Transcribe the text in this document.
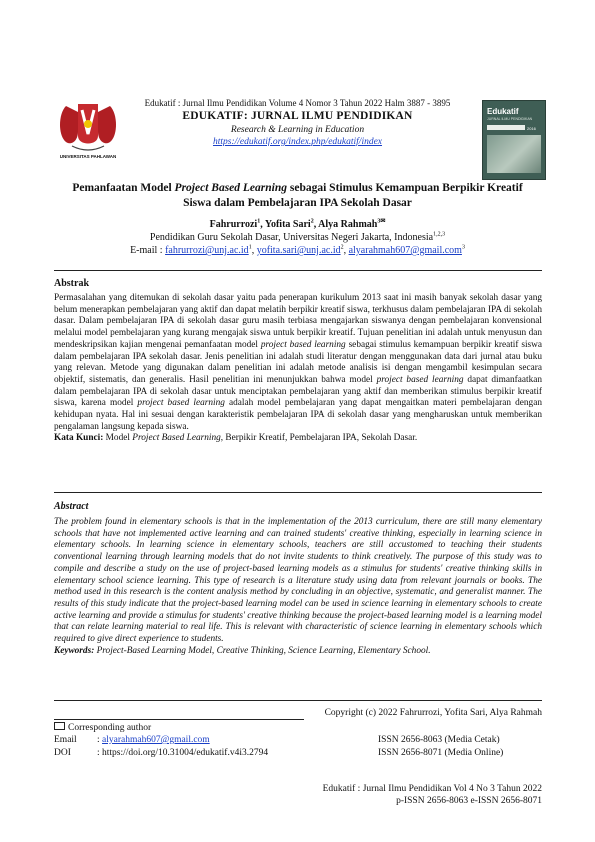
UNIVERSITAS PAHLAWAN
Edukatif
JURNAL ILMU PENDIDIKAN
2016
Edukatif : Jurnal Ilmu Pendidikan Volume 4 Nomor 3 Tahun 2022 Halm 3887 - 3895
EDUKATIF: JURNAL ILMU PENDIDIKAN
Research & Learning in Education
https://edukatif.org/index.php/edukatif/index
Pemanfaatan Model Project Based Learning sebagai Stimulus Kemampuan Berpikir Kreatif
Siswa dalam Pembelajaran IPA Sekolah Dasar
Fahrurrozi$^1$, Yofita Sari$^2$, Alya Rahmah$^{3✉}$
Pendidikan Guru Sekolah Dasar, Universitas Negeri Jakarta, Indonesia$^{1,2,3}$
E-mail : $fahrurrozi@unj.ac.id^1$, $yofita.sari@unj.ac.id^2$, alyarahmah607@gmail.com$^3$
Abstrak

Permasalahan yang ditemukan di sekolah dasar yaitu pada penerapan kurikulum 2013 saat ini masih banyak sekolah dasar yang belum menerapkan pembelajaran yang aktif dan dapat melatih berpikir kreatif siswa, terkhusus dalam pembelajaran IPA di sekolah dasar. Dalam pembelajaran IPA di sekolah dasar guru masih terbiasa mengajarkan siswanya dengan pembelajaran konvensional melalui model pembelajaran yang kurang mengajak siswa untuk berpikir kreatif. Tujuan penelitian ini adalah untuk menyusun dan mendeskripsikan kajian mengenai pemanfaatan model project based learning sebagai stimulus kemampuan berpikir kreatif siswa dalam pembelajaran IPA sekolah dasar. Jenis penelitian ini adalah studi literatur dengan menggunakan data dari jurnal atau buku yang relevan. Metode yang digunakan dalam penelitian ini adalah metode analisis isi dengan mengambil kesimpulan secara objektif, sistematis, dan generalis. Hasil penelitian ini menunjukkan bahwa model project based learning dapat dimanfaatkan dalam pembelajaran IPA di sekolah dasar untuk menciptakan pembelajaran yang aktif dan memberikan stimulus berpikir kreatif siswa, karena model project based learning adalah model pembelajaran yang dapat mengaitkan materi pembelajaran dengan kehidupan nyata. Hal ini sesuai dengan karakteristik pembelajaran IPA di sekolah dasar yang mengharuskan untuk memberikan pengalaman langsung kepada siswa.

Kata Kunci: Model Project Based Learning, Berpikir Kreatif, Pembelajaran IPA, Sekolah Dasar.

Abstract

The problem found in elementary schools is that in the implementation of the 2013 curriculum, there are still many elementary schools that have not implemented active learning and can trained students' creative thinking, especially in learning science in elementary schools. In learning science in elementary schools, teachers are still accustomed to teaching their students conventional learning through learning models that do not invite students to think creatively. The purpose of this study was to compile and describe a study on the use of project-based learning models as a stimulus for students' creative thinking skills in elementary school science learning. This type of research is a literature study using data from relevant journals or books. The method used in this research is the content analysis method by concluding in an objective, systematic, and generalist manner. The results of this study indicate that the project-based learning model can be used in science learning in elementary schools to create active learning and provide a stimulus for students' creative thinking because the project-based learning model is a learning model that can relate learning material to real life. This is relevant with characteristic of science learning in elementary schools which required to give direct experience to students.

Keywords: Project-Based Learning Model, Creative Thinking, Science Learning, Elementary School.

Copyright (c) 2022 Fahrurrozi, Yofita Sari, Alya Rahmah
Corresponding author
Email : alyarahmah607@gmail.com	ISSN 2656-8063 (Media Cetak)
DOI	: https://doi.org/10.31004/edukatif.v4i3.2794	ISSN 2656-8071 (Media Online)
Edukatif : Jurnal Ilmu Pendidikan Vol 4 No 3 Tahun 2022
p-ISSN 2656-8063 e-ISSN 2656-8071
